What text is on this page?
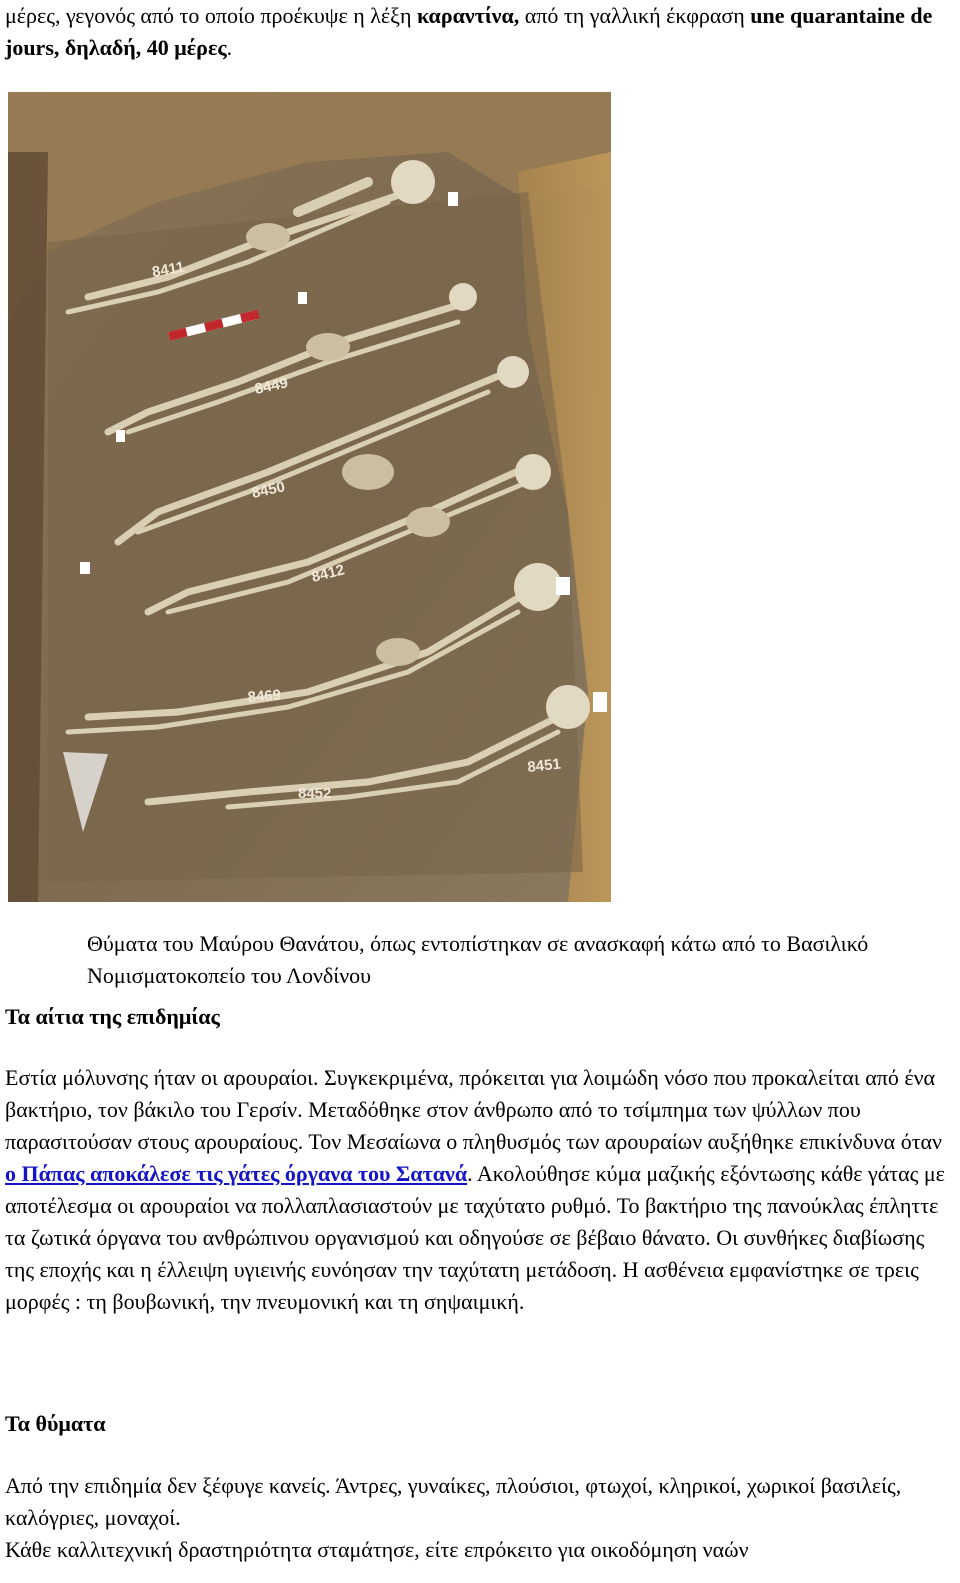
μέρες, γεγονός από το οποίο προέκυψε η λέξη καραντίνα, από τη γαλλική έκφραση une quarantaine de jours, δηλαδή, 40 μέρες.

8411
8449
8450
8412
8469
8452
8451

Θύματα του Μαύρου Θανάτου, όπως εντοπίστηκαν σε ανασκαφή κάτω από το Βασιλικό Νομισματοκοπείο του Λονδίνου

Τα αίτια της επιδημίας

Εστία μόλυνσης ήταν οι αρουραίοι. Συγκεκριμένα, πρόκειται για λοιμώδη νόσο που προκαλείται από ένα βακτήριο, τον βάκιλο του Γερσίν. Μεταδόθηκε στον άνθρωπο από το τσίμπημα των ψύλλων που παρασιτούσαν στους αρουραίους. Τον Μεσαίωνα ο πληθυσμός των αρουραίων αυξήθηκε επικίνδυνα όταν ο Πάπας αποκάλεσε τις γάτες όργανα του Σατανά. Ακολούθησε κύμα μαζικής εξόντωσης κάθε γάτας με αποτέλεσμα οι αρουραίοι να πολλαπλασιαστούν με ταχύτατο ρυθμό. Το βακτήριο της πανούκλας έπληττε τα ζωτικά όργανα του ανθρώπινου οργανισμού και οδηγούσε σε βέβαιο θάνατο. Οι συνθήκες διαβίωσης της εποχής και η έλλειψη υγιεινής ευνόησαν την ταχύτατη μετάδοση. Η ασθένεια εμφανίστηκε σε τρεις μορφές : τη βουβωνική, την πνευμονική και τη σηψαιμική.

Τα θύματα

Από την επιδημία δεν ξέφυγε κανείς. Άντρες, γυναίκες, πλούσιοι, φτωχοί, κληρικοί, χωρικοί βασιλείς, καλόγριες, μοναχοί.
Κάθε καλλιτεχνική δραστηριότητα σταμάτησε, είτε επρόκειτο για οικοδόμηση ναών
